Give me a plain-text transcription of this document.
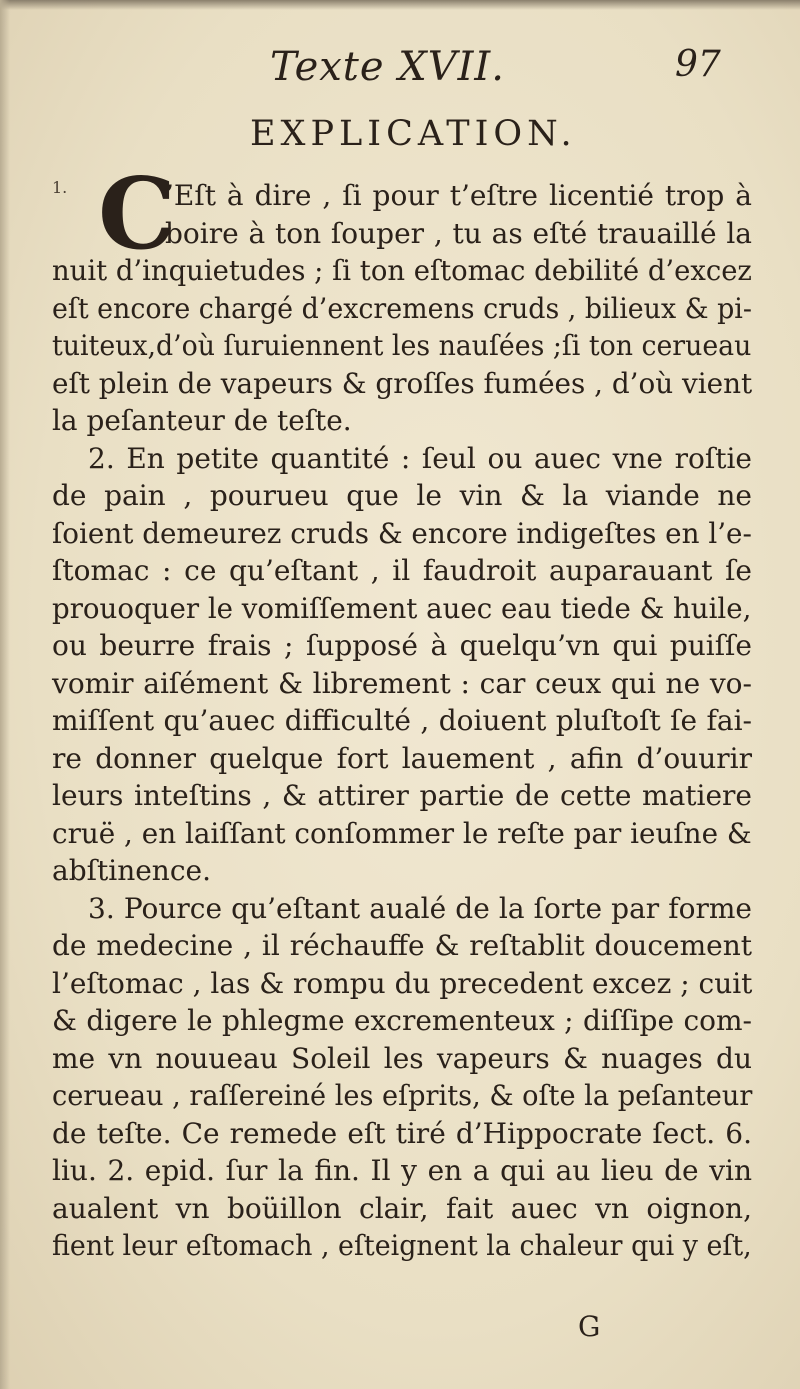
Texte XVII.	97
EXPLICATION.
1. C
’Eſt à dire , ſi pour t’eſtre licentié trop à
boire à ton ſouper , tu as eſté trauaillé la
nuit d’inquietudes ; ſi ton eſtomac debilité d’excez
eſt encore chargé d’excremens cruds , bilieux & pi-
tuiteux,d’où ſuruiennent les nauſées ;ſi ton cerueau
eſt plein de vapeurs & groſſes fumées , d’où vient
la peſanteur de teſte.
2. En petite quantité : ſeul ou auec vne roſtie
de pain , pourueu que le vin & la viande ne
ſoient demeurez cruds & encore indigeſtes en l’e-
ſtomac : ce qu’eſtant , il faudroit auparauant ſe
prouoquer le vomiſſement auec eau tiede & huile,
ou beurre frais ; ſupposé à quelqu’vn qui puiſſe
vomir aiſément & librement : car ceux qui ne vo-
miſſent qu’auec difficulté , doiuent pluſtoſt ſe fai-
re donner quelque fort lauement , afin d’ouurir
leurs inteſtins , & attirer partie de cette matiere
cruë , en laiſſant conſommer le reſte par ieuſne &
abſtinence.
3. Pource qu’eſtant aualé de la ſorte par forme
de medecine , il réchauffe & reſtablit doucement
l’eſtomac , las & rompu du precedent excez ; cuit
& digere le phlegme excrementeux ; diſſipe com-
me vn nouueau Soleil les vapeurs & nuages du
cerueau , raſſereiné les eſprits, & oſte la peſanteur
de teſte. Ce remede eſt tiré d’Hippocrate ſect. 6.
liu. 2. epid. ſur la fin. Il y en a qui au lieu de vin
aualent vn boüillon clair, fait auec vn oignon,
fient leur eſtomach , eſteignent la chaleur qui y eſt,
G
